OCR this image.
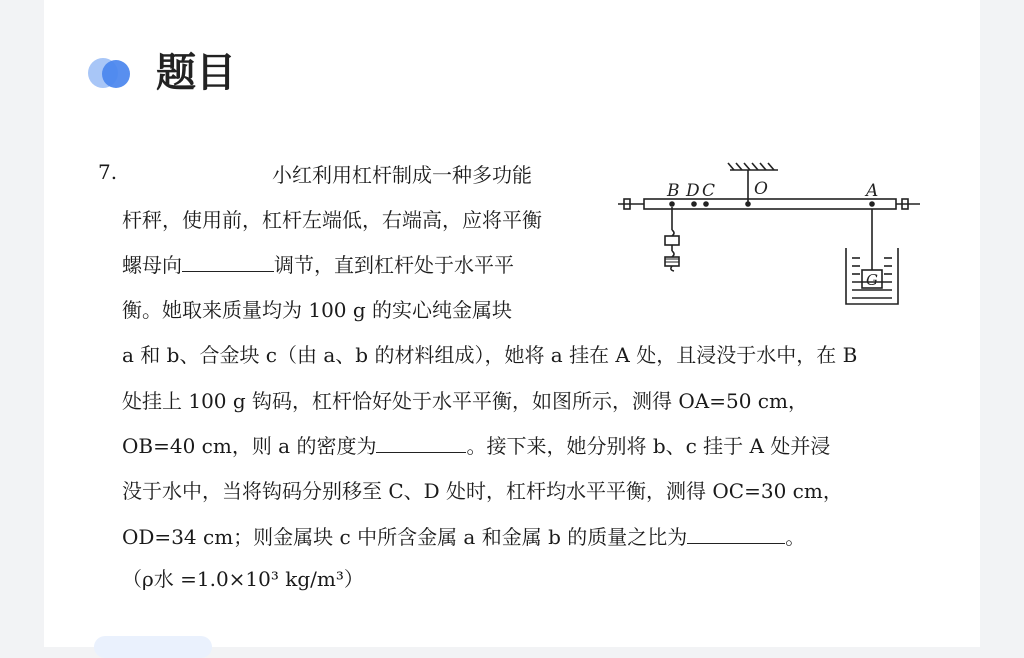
题目
7.	小红利用杠杆制成一种多功能
杆秤，使用前，杠杆左端低，右端高，应将平衡
螺母向	调节，直到杠杆处于水平平
衡。她取来质量均为 100 g 的实心纯金属块
a 和 b、合金块 c（由 a、b 的材料组成），她将 a 挂在 A 处，且浸没于水中，在 B
处挂上 100 g 钩码，杠杆恰好处于水平平衡，如图所示，测得 OA=50 cm，
OB=40 cm，则 a 的密度为	。接下来，她分别将 b、c 挂于 A 处并浸
没于水中，当将钩码分别移至 C、D 处时，杠杆均水平平衡，测得 OC=30 cm，
OD=34 cm；则金属块 c 中所含金属 a 和金属 b 的质量之比为	。
（ρ水 =1.0×10³ kg/m³）
B D C O	A
G
